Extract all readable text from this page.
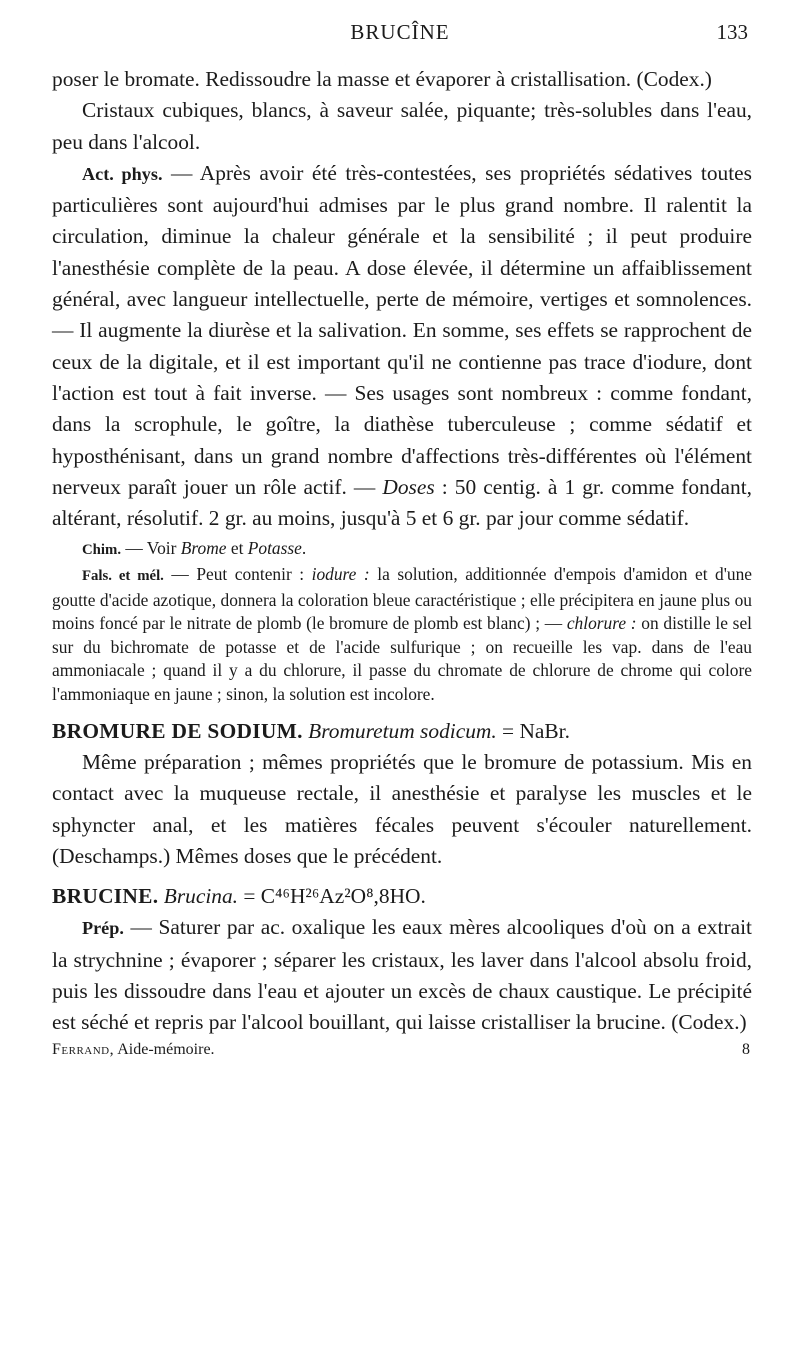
BRUCÎNE	133

poser le bromate. Redissoudre la masse et évaporer à cristallisation. (Codex.)

Cristaux cubiques, blancs, à saveur salée, piquante; très-solubles dans l'eau, peu dans l'alcool.

Act. phys. — Après avoir été très-contestées, ses propriétés sédatives toutes particulières sont aujourd'hui admises par le plus grand nombre. Il ralentit la circulation, diminue la chaleur générale et la sensibilité ; il peut produire l'anesthésie complète de la peau. A dose élevée, il détermine un affaiblissement général, avec langueur intellectuelle, perte de mémoire, vertiges et somnolences. — Il augmente la diurèse et la salivation. En somme, ses effets se rapprochent de ceux de la digitale, et il est important qu'il ne contienne pas trace d'iodure, dont l'action est tout à fait inverse. — Ses usages sont nombreux : comme fondant, dans la scrophule, le goître, la diathèse tuberculeuse ; comme sédatif et hyposthénisant, dans un grand nombre d'affections très-différentes où l'élément nerveux paraît jouer un rôle actif. — Doses : 50 centig. à 1 gr. comme fondant, altérant, résolutif. 2 gr. au moins, jusqu'à 5 et 6 gr. par jour comme sédatif.

Chim. — Voir Brome et Potasse.

Fals. et mél. — Peut contenir : iodure : la solution, additionnée d'empois d'amidon et d'une goutte d'acide azotique, donnera la coloration bleue caractéristique ; elle précipitera en jaune plus ou moins foncé par le nitrate de plomb (le bromure de plomb est blanc) ; — chlorure : on distille le sel sur du bichromate de potasse et de l'acide sulfurique ; on recueille les vap. dans de l'eau ammoniacale ; quand il y a du chlorure, il passe du chromate de chlorure de chrome qui colore l'ammoniaque en jaune ; sinon, la solution est incolore.

BROMURE DE SODIUM. Bromuretum sodicum. = NaBr.

Même préparation ; mêmes propriétés que le bromure de potassium. Mis en contact avec la muqueuse rectale, il anesthésie et paralyse les muscles et le sphyncter anal, et les matières fécales peuvent s'écouler naturellement. (Deschamps.) Mêmes doses que le précédent.

BRUCINE. Brucina. = C⁴⁶H²⁶Az²O⁸,8HO.

Prép. — Saturer par ac. oxalique les eaux mères alcooliques d'où on a extrait la strychnine ; évaporer ; séparer les cristaux, les laver dans l'alcool absolu froid, puis les dissoudre dans l'eau et ajouter un excès de chaux caustique. Le précipité est séché et repris par l'alcool bouillant, qui laisse cristalliser la brucine. (Codex.)

Ferrand, Aide-mémoire.	8
